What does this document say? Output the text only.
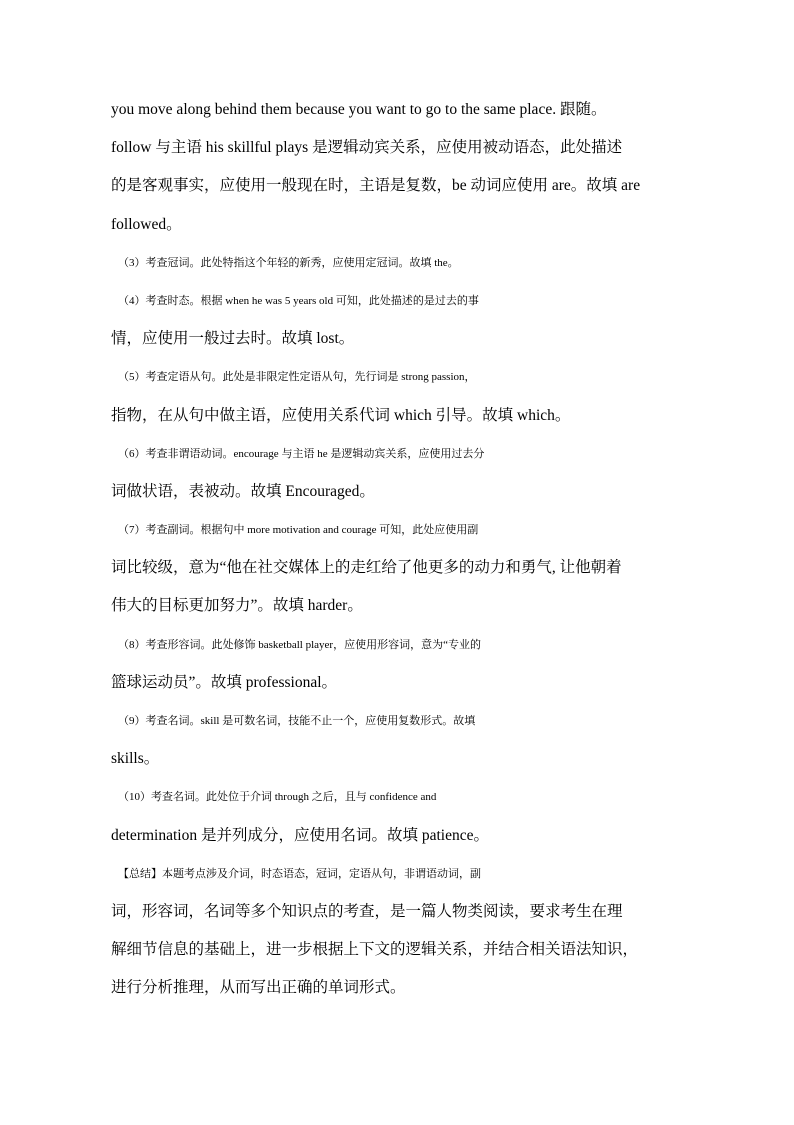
you move along behind them because you want to go to the same place. 跟随。
follow 与主语 his skillful plays 是逻辑动宾关系，应使用被动语态，此处描述
的是客观事实，应使用一般现在时，主语是复数，be 动词应使用 are。故填 are
followed。
（3）考查冠词。此处特指这个年轻的新秀，应使用定冠词。故填 the。
（4）考查时态。根据 when he was 5 years old 可知，此处描述的是过去的事
情，应使用一般过去时。故填 lost。
（5）考查定语从句。此处是非限定性定语从句，先行词是 strong passion，
指物，在从句中做主语，应使用关系代词 which 引导。故填 which。
（6）考查非谓语动词。encourage 与主语 he 是逻辑动宾关系，应使用过去分
词做状语，表被动。故填 Encouraged。
（7）考查副词。根据句中 more motivation and courage 可知，此处应使用副
词比较级，意为“他在社交媒体上的走红给了他更多的动力和勇气, 让他朝着
伟大的目标更加努力”。故填 harder。
（8）考查形容词。此处修饰 basketball player，应使用形容词，意为“专业的
篮球运动员”。故填 professional。
（9）考查名词。skill 是可数名词，技能不止一个，应使用复数形式。故填
skills。
（10）考查名词。此处位于介词 through 之后，且与 confidence and
determination 是并列成分，应使用名词。故填 patience。
【总结】本题考点涉及介词，时态语态，冠词，定语从句，非谓语动词，副
词，形容词，名词等多个知识点的考查，是一篇人物类阅读，要求考生在理
解细节信息的基础上，进一步根据上下文的逻辑关系，并结合相关语法知识，
进行分析推理，从而写出正确的单词形式。
